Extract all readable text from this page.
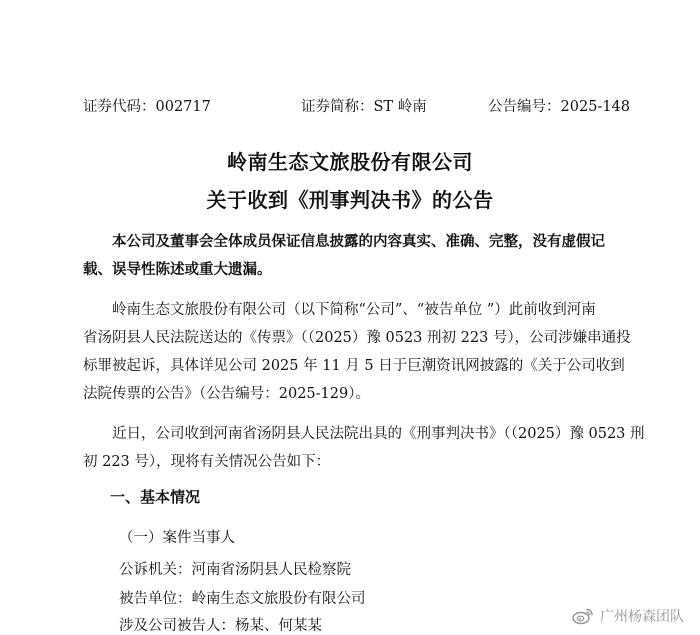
证券代码：002717	证券简称：ST 岭南	公告编号：2025-148
岭南生态文旅股份有限公司
关于收到《刑事判决书》的公告
本公司及董事会全体成员保证信息披露的内容真实、准确、完整，没有虚假记
载、误导性陈述或重大遗漏。
岭南生态文旅股份有限公司（以下简称“公司”、“被告单位 ”）此前收到河南
省汤阴县人民法院送达的《传票》（（2025）豫 0523 刑初 223 号），公司涉嫌串通投
标罪被起诉，具体详见公司 2025 年 11 月 5 日于巨潮资讯网披露的《关于公司收到
法院传票的公告》（公告编号：2025-129）。
近日，公司收到河南省汤阴县人民法院出具的《刑事判决书》（（2025）豫 0523 刑
初 223 号），现将有关情况公告如下：
一、基本情况
（一）案件当事人
公诉机关：河南省汤阴县人民检察院
被告单位：岭南生态文旅股份有限公司
涉及公司被告人：杨某、何某某
广州杨森团队
